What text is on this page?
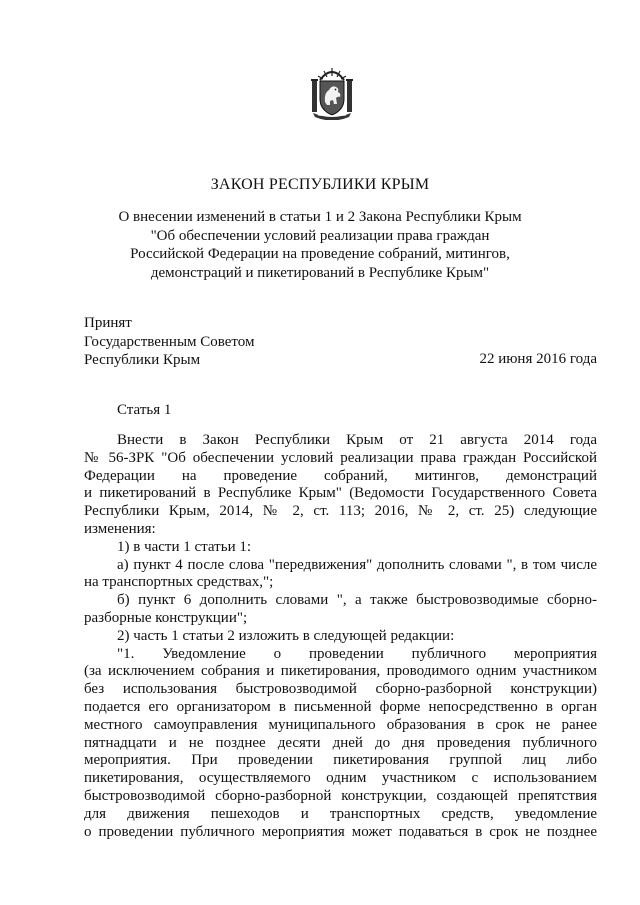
ЗАКОН РЕСПУБЛИКИ КРЫМ
О внесении изменений в статьи 1 и 2 Закона Республики Крым
"Об обеспечении условий реализации права граждан
Российской Федерации на проведение собраний, митингов,
демонстраций и пикетирований в Республике Крым"
Принят
Государственным Советом
Республики Крым	22 июня 2016 года
Статья 1
Внести в Закон Республики Крым от 21 августа 2014 года
№ 56-ЗРК "Об обеспечении условий реализации права граждан Российской
Федерации на проведение собраний, митингов, демонстраций
и пикетирований в Республике Крым" (Ведомости Государственного Совета
Республики Крым, 2014, № 2, ст. 113; 2016, № 2, ст. 25) следующие
изменения:
1) в части 1 статьи 1:
а) пункт 4 после слова "передвижения" дополнить словами ", в том числе
на транспортных средствах,";
б) пункт 6 дополнить словами ", а также быстровозводимые сборно-
разборные конструкции";
2) часть 1 статьи 2 изложить в следующей редакции:
"1. Уведомление о проведении публичного мероприятия
(за исключением собрания и пикетирования, проводимого одним участником
без использования быстровозводимой сборно-разборной конструкции)
подается его организатором в письменной форме непосредственно в орган
местного самоуправления муниципального образования в срок не ранее
пятнадцати и не позднее десяти дней до дня проведения публичного
мероприятия. При проведении пикетирования группой лиц либо
пикетирования, осуществляемого одним участником с использованием
быстровозводимой сборно-разборной конструкции, создающей препятствия
для движения пешеходов и транспортных средств, уведомление
о проведении публичного мероприятия может подаваться в срок не позднее
